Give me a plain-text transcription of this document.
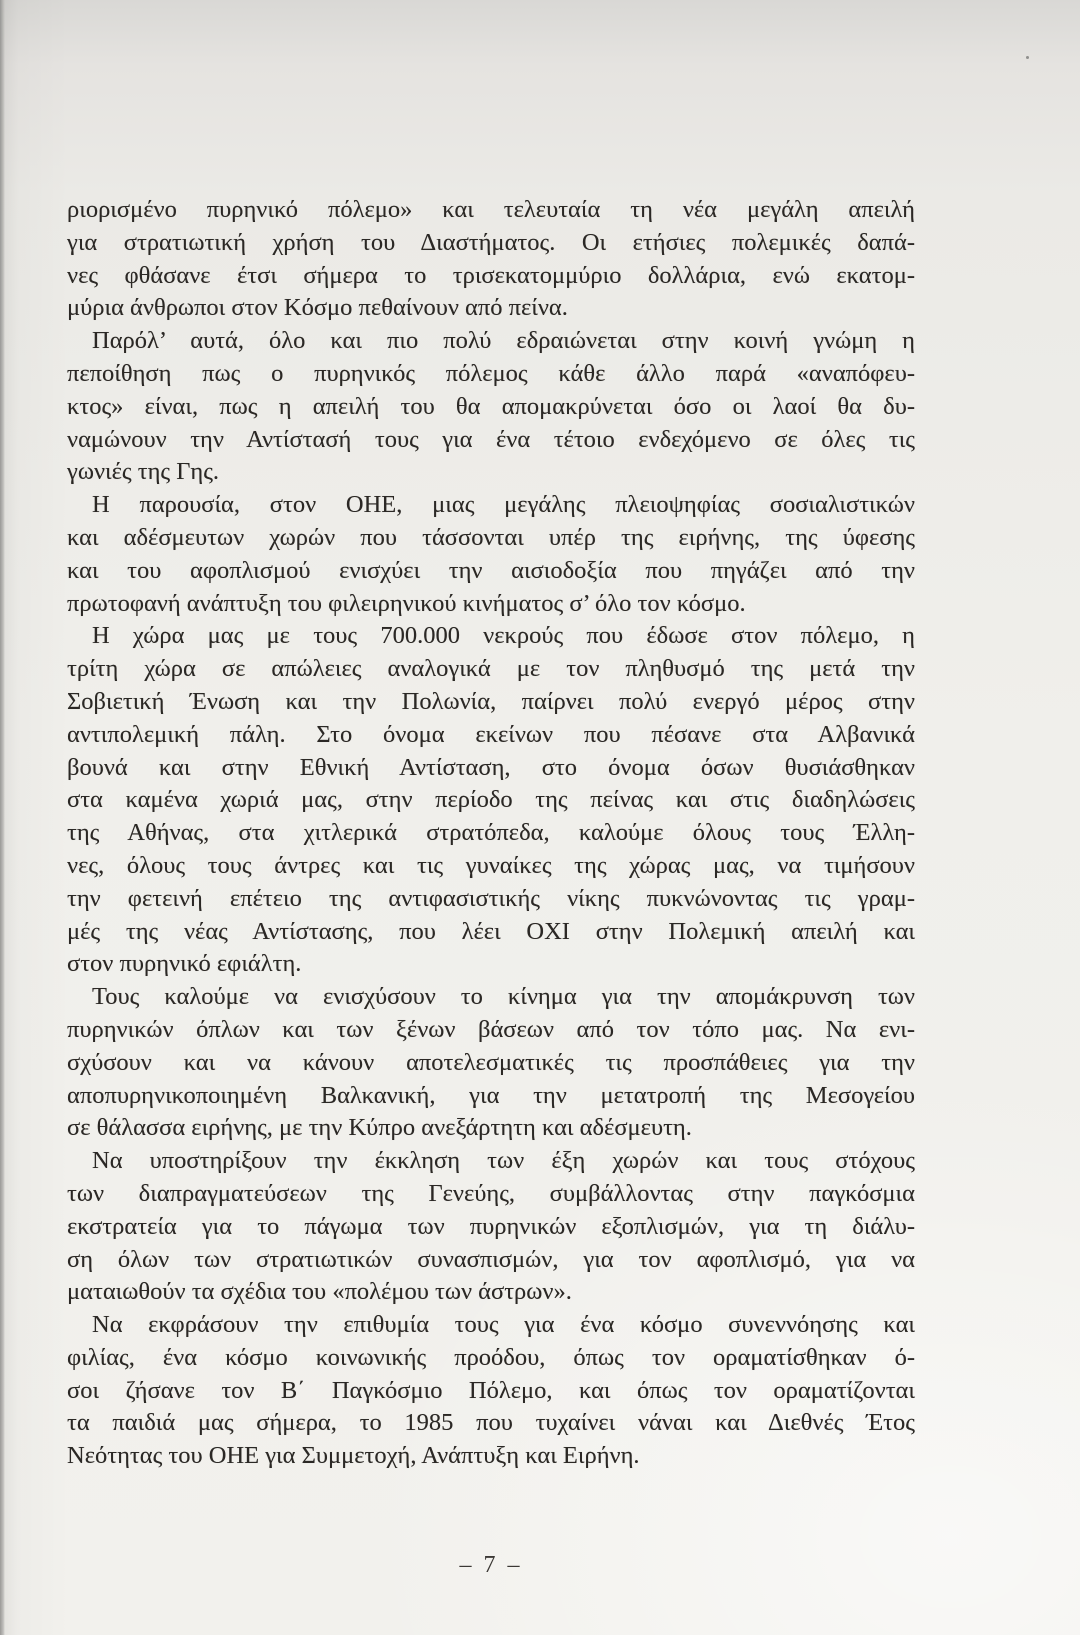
ριορισμένο πυρηνικό πόλεμο» και τελευταία τη νέα μεγάλη απειλή
για στρατιωτική χρήση του Διαστήματος. Οι ετήσιες πολεμικές δαπά-
νες φθάσανε έτσι σήμερα το τρισεκατομμύριο δολλάρια, ενώ εκατομ-
μύρια άνθρωποι στον Κόσμο πεθαίνουν από πείνα.
Παρόλ’ αυτά, όλο και πιο πολύ εδραιώνεται στην κοινή γνώμη η
πεποίθηση πως ο πυρηνικός πόλεμος κάθε άλλο παρά «αναπόφευ-
κτος» είναι, πως η απειλή του θα απομακρύνεται όσο οι λαοί θα δυ-
ναμώνουν την Αντίστασή τους για ένα τέτοιο ενδεχόμενο σε όλες τις
γωνιές της Γης.
Η παρουσία, στον ΟΗΕ, μιας μεγάλης πλειοψηφίας σοσιαλιστικών
και αδέσμευτων χωρών που τάσσονται υπέρ της ειρήνης, της ύφεσης
και του αφοπλισμού ενισχύει την αισιοδοξία που πηγάζει από την
πρωτοφανή ανάπτυξη του φιλειρηνικού κινήματος σ’ όλο τον κόσμο.
Η χώρα μας με τους 700.000 νεκρούς που έδωσε στον πόλεμο, η
τρίτη χώρα σε απώλειες αναλογικά με τον πληθυσμό της μετά την
Σοβιετική Ένωση και την Πολωνία, παίρνει πολύ ενεργό μέρος στην
αντιπολεμική πάλη. Στο όνομα εκείνων που πέσανε στα Αλβανικά
βουνά και στην Εθνική Αντίσταση, στο όνομα όσων θυσιάσθηκαν
στα καμένα χωριά μας, στην περίοδο της πείνας και στις διαδηλώσεις
της Αθήνας, στα χιτλερικά στρατόπεδα, καλούμε όλους τους Έλλη-
νες, όλους τους άντρες και τις γυναίκες της χώρας μας, να τιμήσουν
την φετεινή επέτειο της αντιφασιστικής νίκης πυκνώνοντας τις γραμ-
μές της νέας Αντίστασης, που λέει ΟΧΙ στην Πολεμική απειλή και
στον πυρηνικό εφιάλτη.
Τους καλούμε να ενισχύσουν το κίνημα για την απομάκρυνση των
πυρηνικών όπλων και των ξένων βάσεων από τον τόπο μας. Να ενι-
σχύσουν και να κάνουν αποτελεσματικές τις προσπάθειες για την
αποπυρηνικοποιημένη Βαλκανική, για την μετατροπή της Μεσογείου
σε θάλασσα ειρήνης, με την Κύπρο ανεξάρτητη και αδέσμευτη.
Να υποστηρίξουν την έκκληση των έξη χωρών και τους στόχους
των διαπραγματεύσεων της Γενεύης, συμβάλλοντας στην παγκόσμια
εκστρατεία για το πάγωμα των πυρηνικών εξοπλισμών, για τη διάλυ-
ση όλων των στρατιωτικών συνασπισμών, για τον αφοπλισμό, για να
ματαιωθούν τα σχέδια του «πολέμου των άστρων».
Να εκφράσουν την επιθυμία τους για ένα κόσμο συνεννόησης και
φιλίας, ένα κόσμο κοινωνικής προόδου, όπως τον οραματίσθηκαν ό-
σοι ζήσανε τον Β΄ Παγκόσμιο Πόλεμο, και όπως τον οραματίζονται
τα παιδιά μας σήμερα, το 1985 που τυχαίνει νάναι και Διεθνές Έτος
Νεότητας του ΟΗΕ για Συμμετοχή, Ανάπτυξη και Ειρήνη.
– 7 –
